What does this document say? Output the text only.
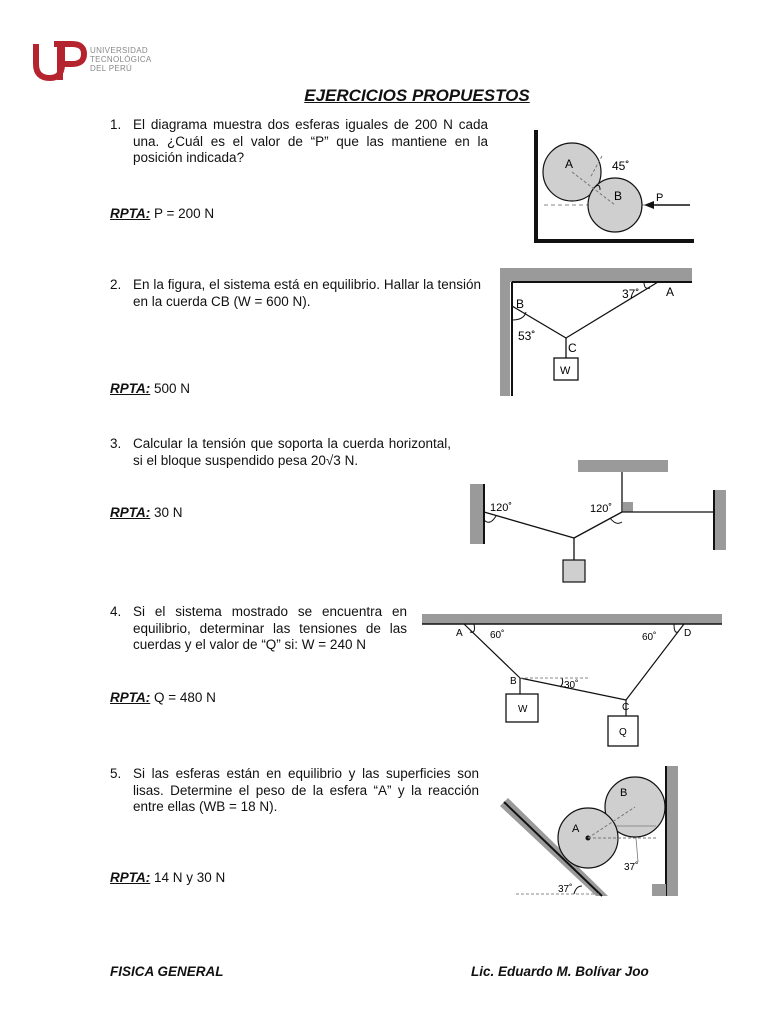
UNIVERSIDAD
TECNOLÓGICA
DEL PERÚ
EJERCICIOS PROPUESTOS
1. El diagrama muestra dos esferas iguales de 200 N cada una. ¿Cuál es el valor de “P” que las mantiene en la posición indicada?
RPTA: P = 200 N
A
B
45˚
P
2. En la figura, el sistema está en equilibrio. Hallar la tensión en la cuerda CB (W = 600 N).
RPTA: 500 N
B
A
C
37˚
53˚
W
3. Calcular la tensión que soporta la cuerda horizontal, si el bloque suspendido pesa 20√3 N.
RPTA: 30 N	120˚	120˚
4. Si el sistema mostrado se encuentra en equilibrio, determinar las tensiones de las cuerdas y el valor de “Q” si: W = 240 N
RPTA: Q = 480 N
A	D
B
C
60˚	60˚
30˚
W
Q
5. Si las esferas están en equilibrio y las superficies son lisas. Determine el peso de la esfera “A” y la reacción entre ellas (WB = 18 N).
RPTA: 14 N y 30 N
A
B
37˚
37˚
FISICA GENERAL	Lic. Eduardo M. Bolívar Joo
